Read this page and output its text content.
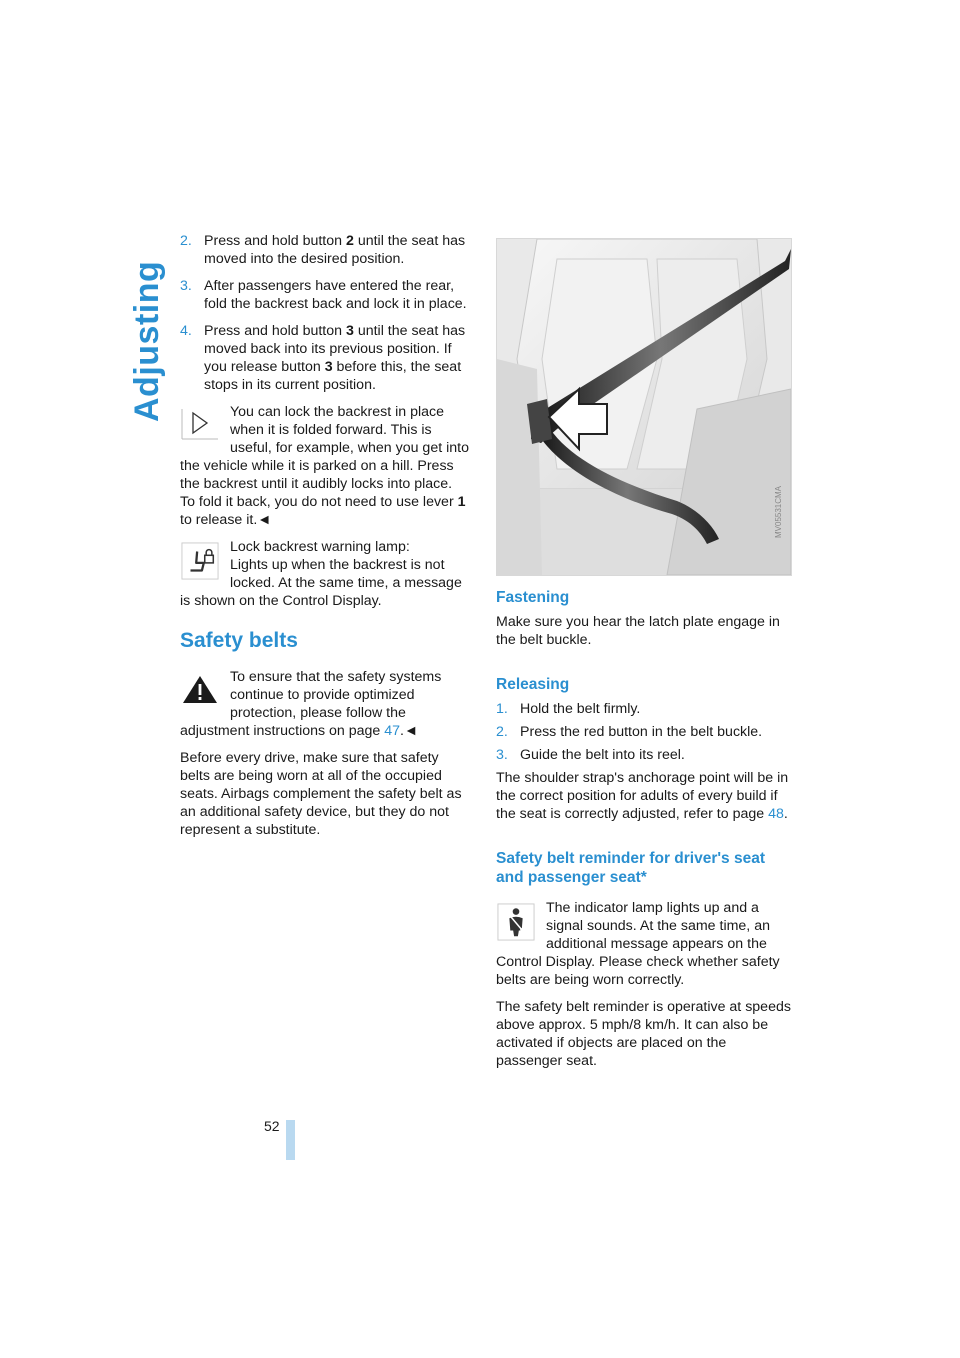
Adjusting
2. Press and hold button 2 until the seat has moved into the desired position.
3. After passengers have entered the rear, fold the backrest back and lock it in place.
4. Press and hold button 3 until the seat has moved back into its previous position. If you release button 3 before this, the seat stops in its current position.
You can lock the backrest in place when it is folded forward. This is useful, for example, when you get into the vehicle while it is parked on a hill. Press the backrest until it audibly locks into place. To fold it back, you do not need to use lever 1 to release it.◄
Lock backrest warning lamp:
Lights up when the backrest is not locked. At the same time, a message is shown on the Control Display.
Safety belts
To ensure that the safety systems continue to provide optimized protection, please follow the adjustment instructions on page 47.◄

Before every drive, make sure that safety belts are being worn at all of the occupied seats. Airbags complement the safety belt as an additional safety device, but they do not represent a substitute.

MV05531CMA
Fastening

Make sure you hear the latch plate engage in the belt buckle.

Releasing
1. Hold the belt firmly.
2. Press the red button in the belt buckle.
3. Guide the belt into its reel.

The shoulder strap's anchorage point will be in the correct position for adults of every build if the seat is correctly adjusted, refer to page 48.

Safety belt reminder for driver's seat and passenger seat*
The indicator lamp lights up and a signal sounds. At the same time, an additional message appears on the Control Display. Please check whether safety belts are being worn correctly.

The safety belt reminder is operative at speeds above approx. 5 mph/8 km/h. It can also be activated if objects are placed on the passenger seat.

52
